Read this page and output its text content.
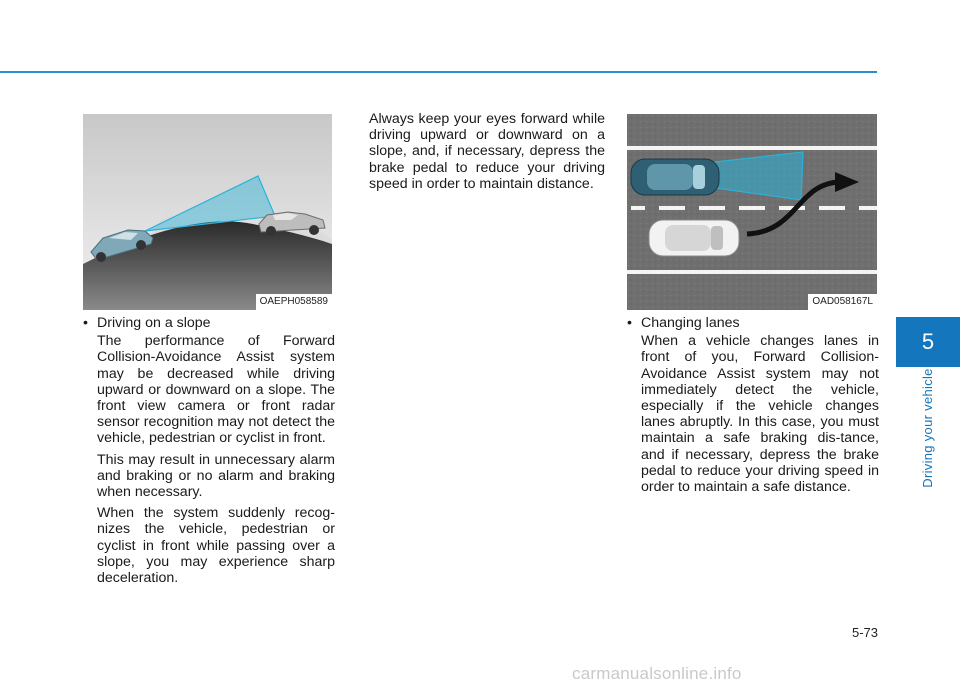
OAEPH058589	OAD058167L
• Driving on a slope

The performance of Forward Collision-Avoidance Assist system may be decreased while driving upward or downward on a slope. The front view camera or front radar sensor recognition may not detect the vehicle, pedestrian or cyclist in front.

This may result in unnecessary alarm and braking or no alarm and braking when necessary.

When the system suddenly recog-nizes the vehicle, pedestrian or cyclist in front while passing over a slope, you may experience sharp deceleration.

Always keep your eyes forward while driving upward or downward on a slope, and, if necessary, depress the brake pedal to reduce your driving speed in order to maintain distance.

• Changing lanes

When a vehicle changes lanes in front of you, Forward Collision-Avoidance Assist system may not immediately detect the vehicle, especially if the vehicle changes lanes abruptly. In this case, you must maintain a safe braking dis-tance, and if necessary, depress the brake pedal to reduce your driving speed in order to maintain a safe distance.

5
Driving your vehicle
5-73
carmanualsonline.info
